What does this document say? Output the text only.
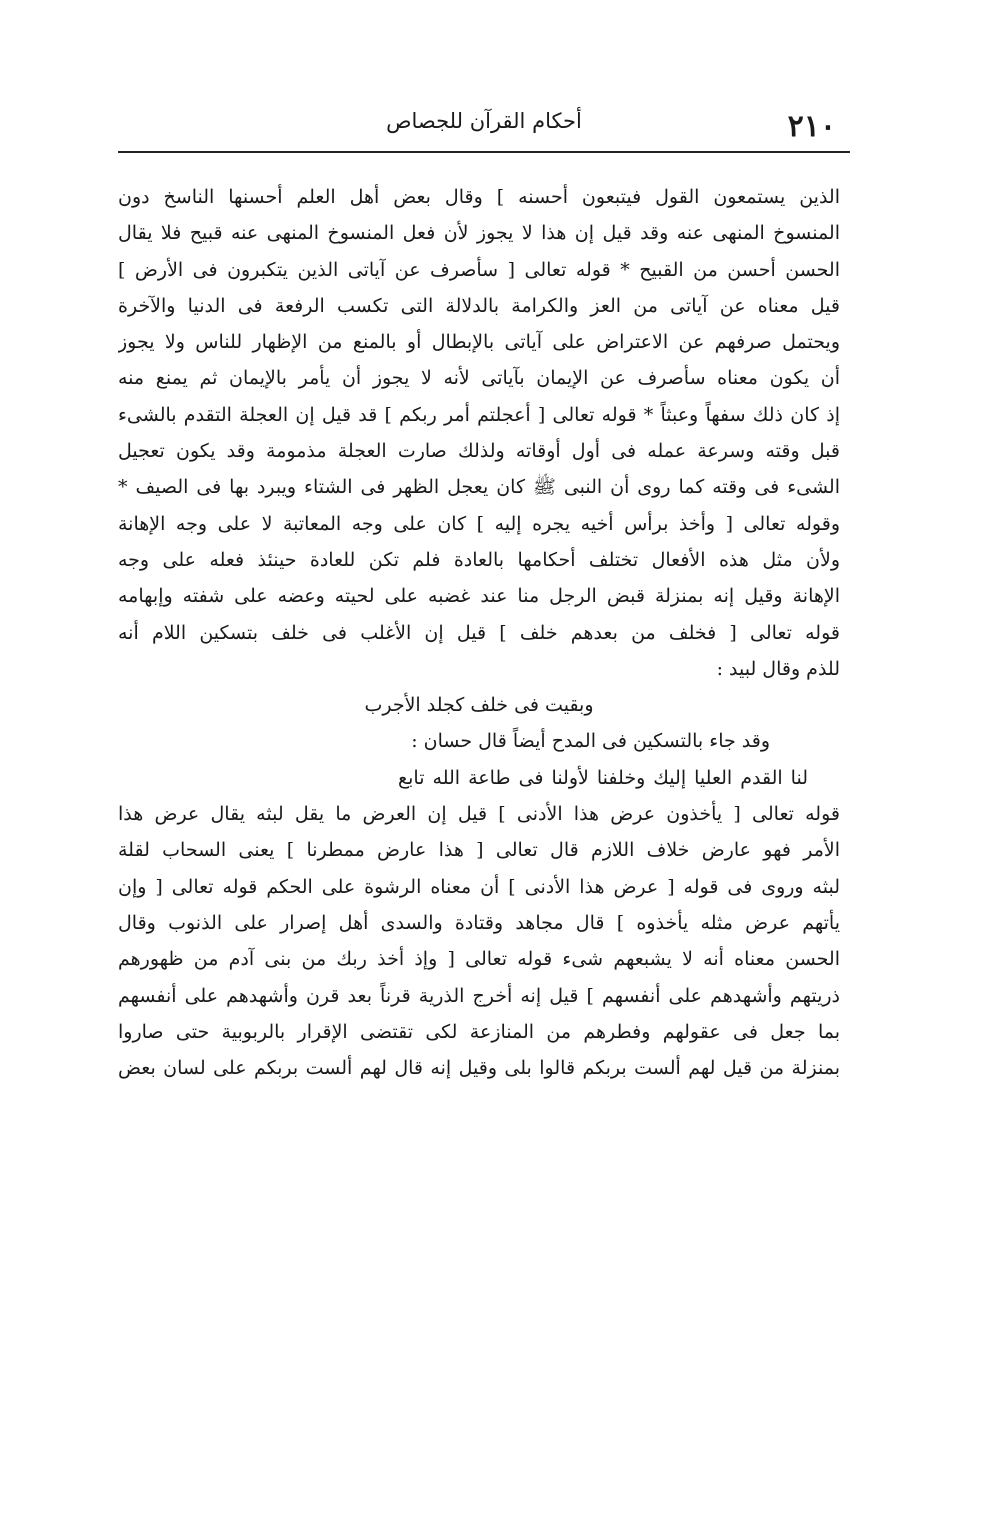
٢١٠
أحكام القرآن للجصاص
الذين يستمعون القول فيتبعون أحسنه ] وقال بعض أهل العلم أحسنها الناسخ دون
المنسوخ المنهى عنه وقد قيل إن هذا لا يجوز لأن فعل المنسوخ المنهى عنه قبيح فلا يقال
الحسن أحسن من القبيح * قوله تعالى [ سأصرف عن آياتى الذين يتكبرون فى الأرض ]
قيل معناه عن آياتى من العز والكرامة بالدلالة التى تكسب الرفعة فى الدنيا والآخرة
ويحتمل صرفهم عن الاعتراض على آياتى بالإبطال أو بالمنع من الإظهار للناس ولا يجوز
أن يكون معناه سأصرف عن الإيمان بآياتى لأنه لا يجوز أن يأمر بالإيمان ثم يمنع منه
إذ كان ذلك سفهاً وعبثاً * قوله تعالى [ أعجلتم أمر ربكم ] قد قيل إن العجلة التقدم بالشىء
قبل وقته وسرعة عمله فى أول أوقاته ولذلك صارت العجلة مذمومة وقد يكون تعجيل
الشىء فى وقته كما روى أن النبى ﷺ كان يعجل الظهر فى الشتاء ويبرد بها فى الصيف *
وقوله تعالى [ وأخذ برأس أخيه يجره إليه ] كان على وجه المعاتبة لا على وجه الإهانة
ولأن مثل هذه الأفعال تختلف أحكامها بالعادة فلم تكن للعادة حينئذ فعله على وجه
الإهانة وقيل إنه بمنزلة قبض الرجل منا عند غضبه على لحيته وعضه على شفته وإبهامه
قوله تعالى [ فخلف من بعدهم خلف ] قيل إن الأغلب فى خلف بتسكين اللام أنه
للذم وقال لبيد :
وبقيت فى خلف كجلد الأجرب
وقد جاء بالتسكين فى المدح أيضاً قال حسان :
لنا القدم العليا إليك وخلفنا لأولنا فى طاعة الله تابع
قوله تعالى [ يأخذون عرض هذا الأدنى ] قيل إن العرض ما يقل لبثه يقال عرض هذا
الأمر فهو عارض خلاف اللازم قال تعالى [ هذا عارض ممطرنا ] يعنى السحاب لقلة
لبثه وروى فى قوله [ عرض هذا الأدنى ] أن معناه الرشوة على الحكم قوله تعالى [ وإن
يأتهم عرض مثله يأخذوه ] قال مجاهد وقتادة والسدى أهل إصرار على الذنوب وقال
الحسن معناه أنه لا يشبعهم شىء قوله تعالى [ وإذ أخذ ربك من بنى آدم من ظهورهم
ذريتهم وأشهدهم على أنفسهم ] قيل إنه أخرج الذرية قرناً بعد قرن وأشهدهم على أنفسهم
بما جعل فى عقولهم وفطرهم من المنازعة لكى تقتضى الإقرار بالربوبية حتى صاروا
بمنزلة من قيل لهم ألست بربكم قالوا بلى وقيل إنه قال لهم ألست بربكم على لسان بعض
